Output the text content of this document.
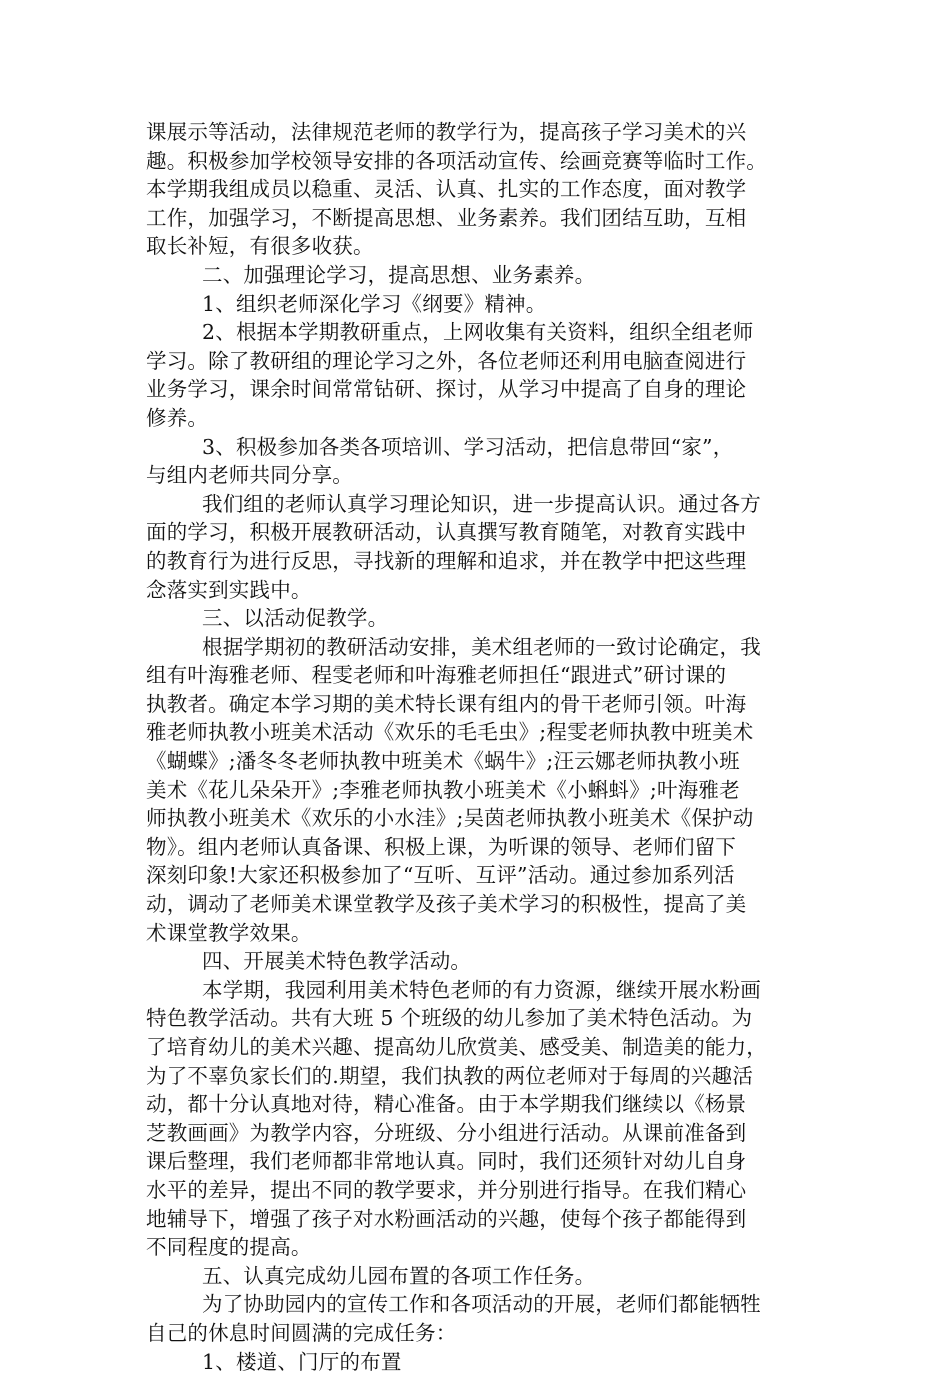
课展示等活动，法律规范老师的教学行为，提高孩子学习美术的兴
趣。积极参加学校领导安排的各项活动宣传、绘画竞赛等临时工作。
本学期我组成员以稳重、灵活、认真、扎实的工作态度，面对教学
工作，加强学习，不断提高思想、业务素养。我们团结互助，互相
取长补短，有很多收获。
二、加强理论学习，提高思想、业务素养。
1、组织老师深化学习《纲要》精神。
2、根据本学期教研重点，上网收集有关资料，组织全组老师
学习。除了教研组的理论学习之外，各位老师还利用电脑查阅进行
业务学习，课余时间常常钻研、探讨，从学习中提高了自身的理论
修养。
3、积极参加各类各项培训、学习活动，把信息带回“家”，
与组内老师共同分享。
我们组的老师认真学习理论知识，进一步提高认识。通过各方
面的学习，积极开展教研活动，认真撰写教育随笔，对教育实践中
的教育行为进行反思，寻找新的理解和追求，并在教学中把这些理
念落实到实践中。
三、以活动促教学。
根据学期初的教研活动安排，美术组老师的一致讨论确定，我
组有叶海雅老师、程雯老师和叶海雅老师担任“跟进式”研讨课的
执教者。确定本学习期的美术特长课有组内的骨干老师引领。叶海
雅老师执教小班美术活动《欢乐的毛毛虫》;程雯老师执教中班美术
《蝴蝶》;潘冬冬老师执教中班美术《蜗牛》;汪云娜老师执教小班
美术《花儿朵朵开》;李雅老师执教小班美术《小蝌蚪》;叶海雅老
师执教小班美术《欢乐的小水洼》;吴茵老师执教小班美术《保护动
物》。组内老师认真备课、积极上课，为听课的领导、老师们留下
深刻印象!大家还积极参加了“互听、互评”活动。通过参加系列活
动，调动了老师美术课堂教学及孩子美术学习的积极性，提高了美
术课堂教学效果。
四、开展美术特色教学活动。
本学期，我园利用美术特色老师的有力资源，继续开展水粉画
特色教学活动。共有大班 5 个班级的幼儿参加了美术特色活动。为
了培育幼儿的美术兴趣、提高幼儿欣赏美、感受美、制造美的能力，
为了不辜负家长们的.期望，我们执教的两位老师对于每周的兴趣活
动，都十分认真地对待，精心准备。由于本学期我们继续以《杨景
芝教画画》为教学内容，分班级、分小组进行活动。从课前准备到
课后整理，我们老师都非常地认真。同时，我们还须针对幼儿自身
水平的差异，提出不同的教学要求，并分别进行指导。在我们精心
地辅导下，增强了孩子对水粉画活动的兴趣，使每个孩子都能得到
不同程度的提高。
五、认真完成幼儿园布置的各项工作任务。
为了协助园内的宣传工作和各项活动的开展，老师们都能牺牲
自己的休息时间圆满的完成任务：
1、楼道、门厅的布置
